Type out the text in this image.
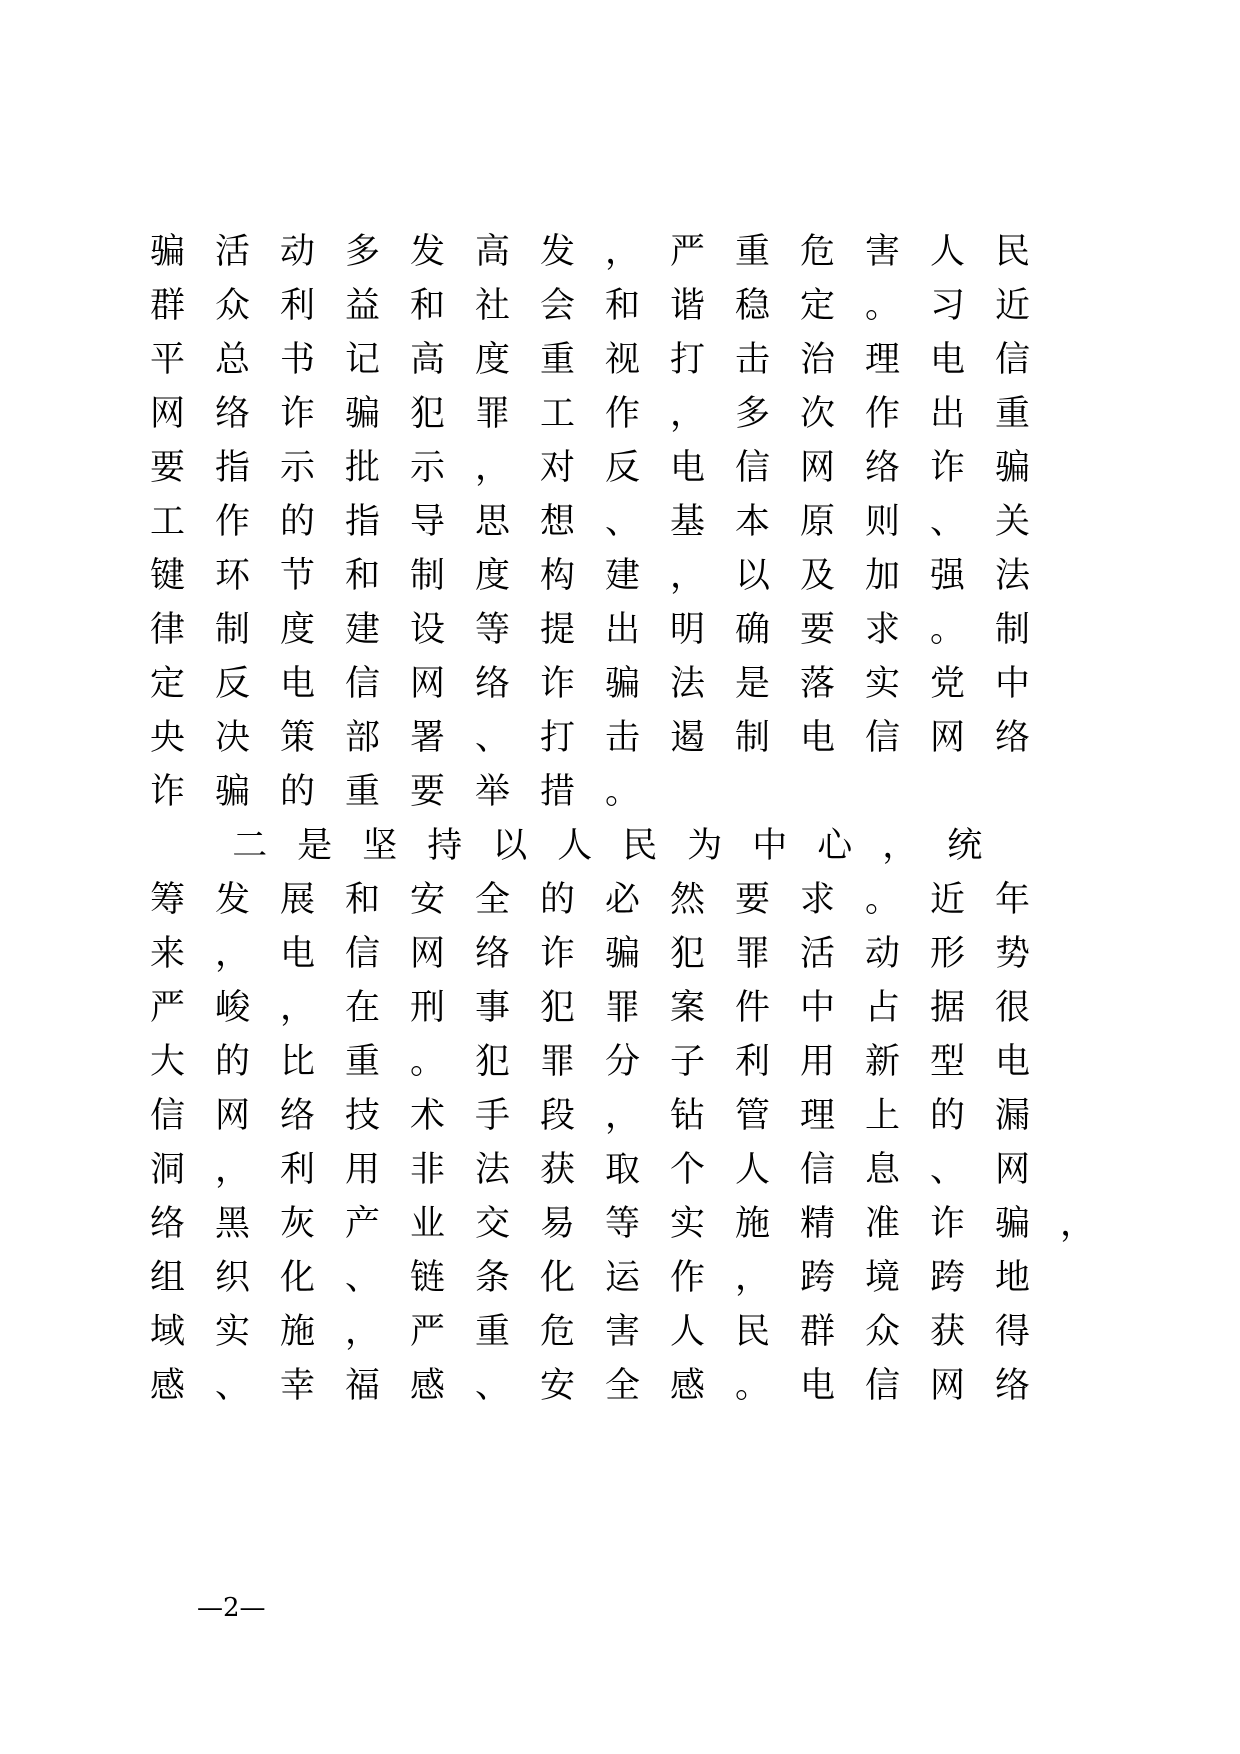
骗活动多发高发，严重危害人民
群众利益和社会和谐稳定。习近
平总书记高度重视打击治理电信
网络诈骗犯罪工作，多次作出重
要指示批示，对反电信网络诈骗
工作的指导思想、基本原则、关
键环节和制度构建，以及加强法
律制度建设等提出明确要求。制
定反电信网络诈骗法是落实党中
央决策部署、打击遏制电信网络
诈骗的重要举措。
二是坚持以人民为中心，统
筹发展和安全的必然要求。近年
来，电信网络诈骗犯罪活动形势
严峻，在刑事犯罪案件中占据很
大的比重。犯罪分子利用新型电
信网络技术手段，钻管理上的漏
洞，利用非法获取个人信息、网
络黑灰产业交易等实施精准诈骗，
组织化、链条化运作，跨境跨地
域实施，严重危害人民群众获得
感、幸福感、安全感。电信网络
—2—
